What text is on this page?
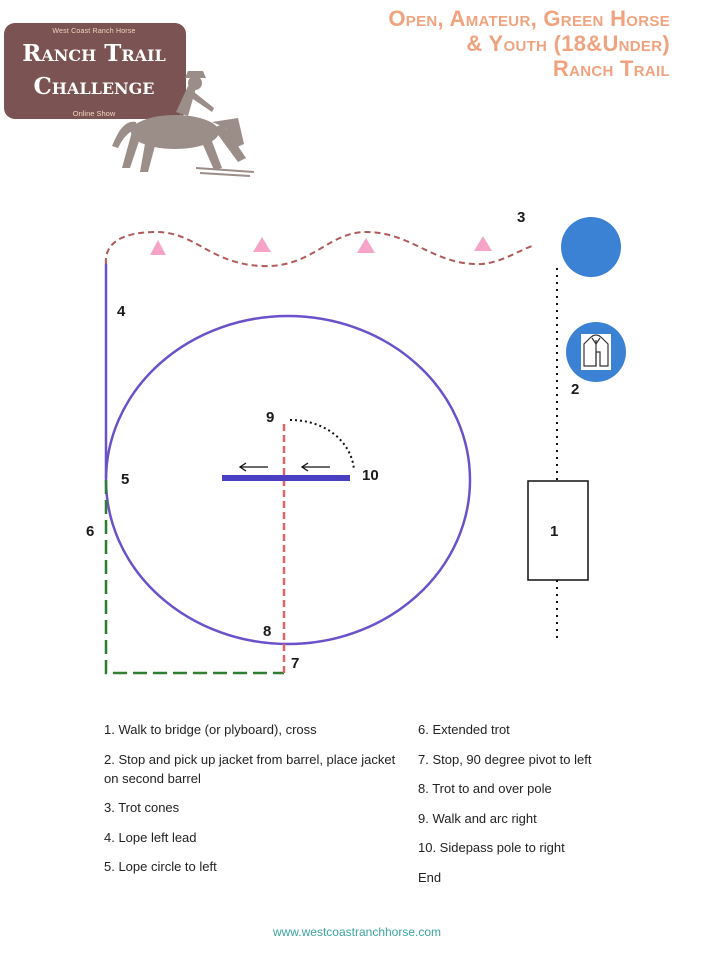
West Coast Ranch Horse
Ranch Trail
Challenge
Online Show
Open, Amateur, Green Horse
& Youth (18&Under)
Ranch Trail
1
2
3
4
5
6
7
8
9
10

1. Walk to bridge (or plyboard), cross

2. Stop and pick up jacket from barrel, place jacket on second barrel

3. Trot cones

4. Lope left lead

5. Lope circle to left

6. Extended trot

7. Stop, 90 degree pivot to left

8. Trot to and over pole

9. Walk and arc right

10. Sidepass pole to right

End

www.westcoastranchhorse.com
